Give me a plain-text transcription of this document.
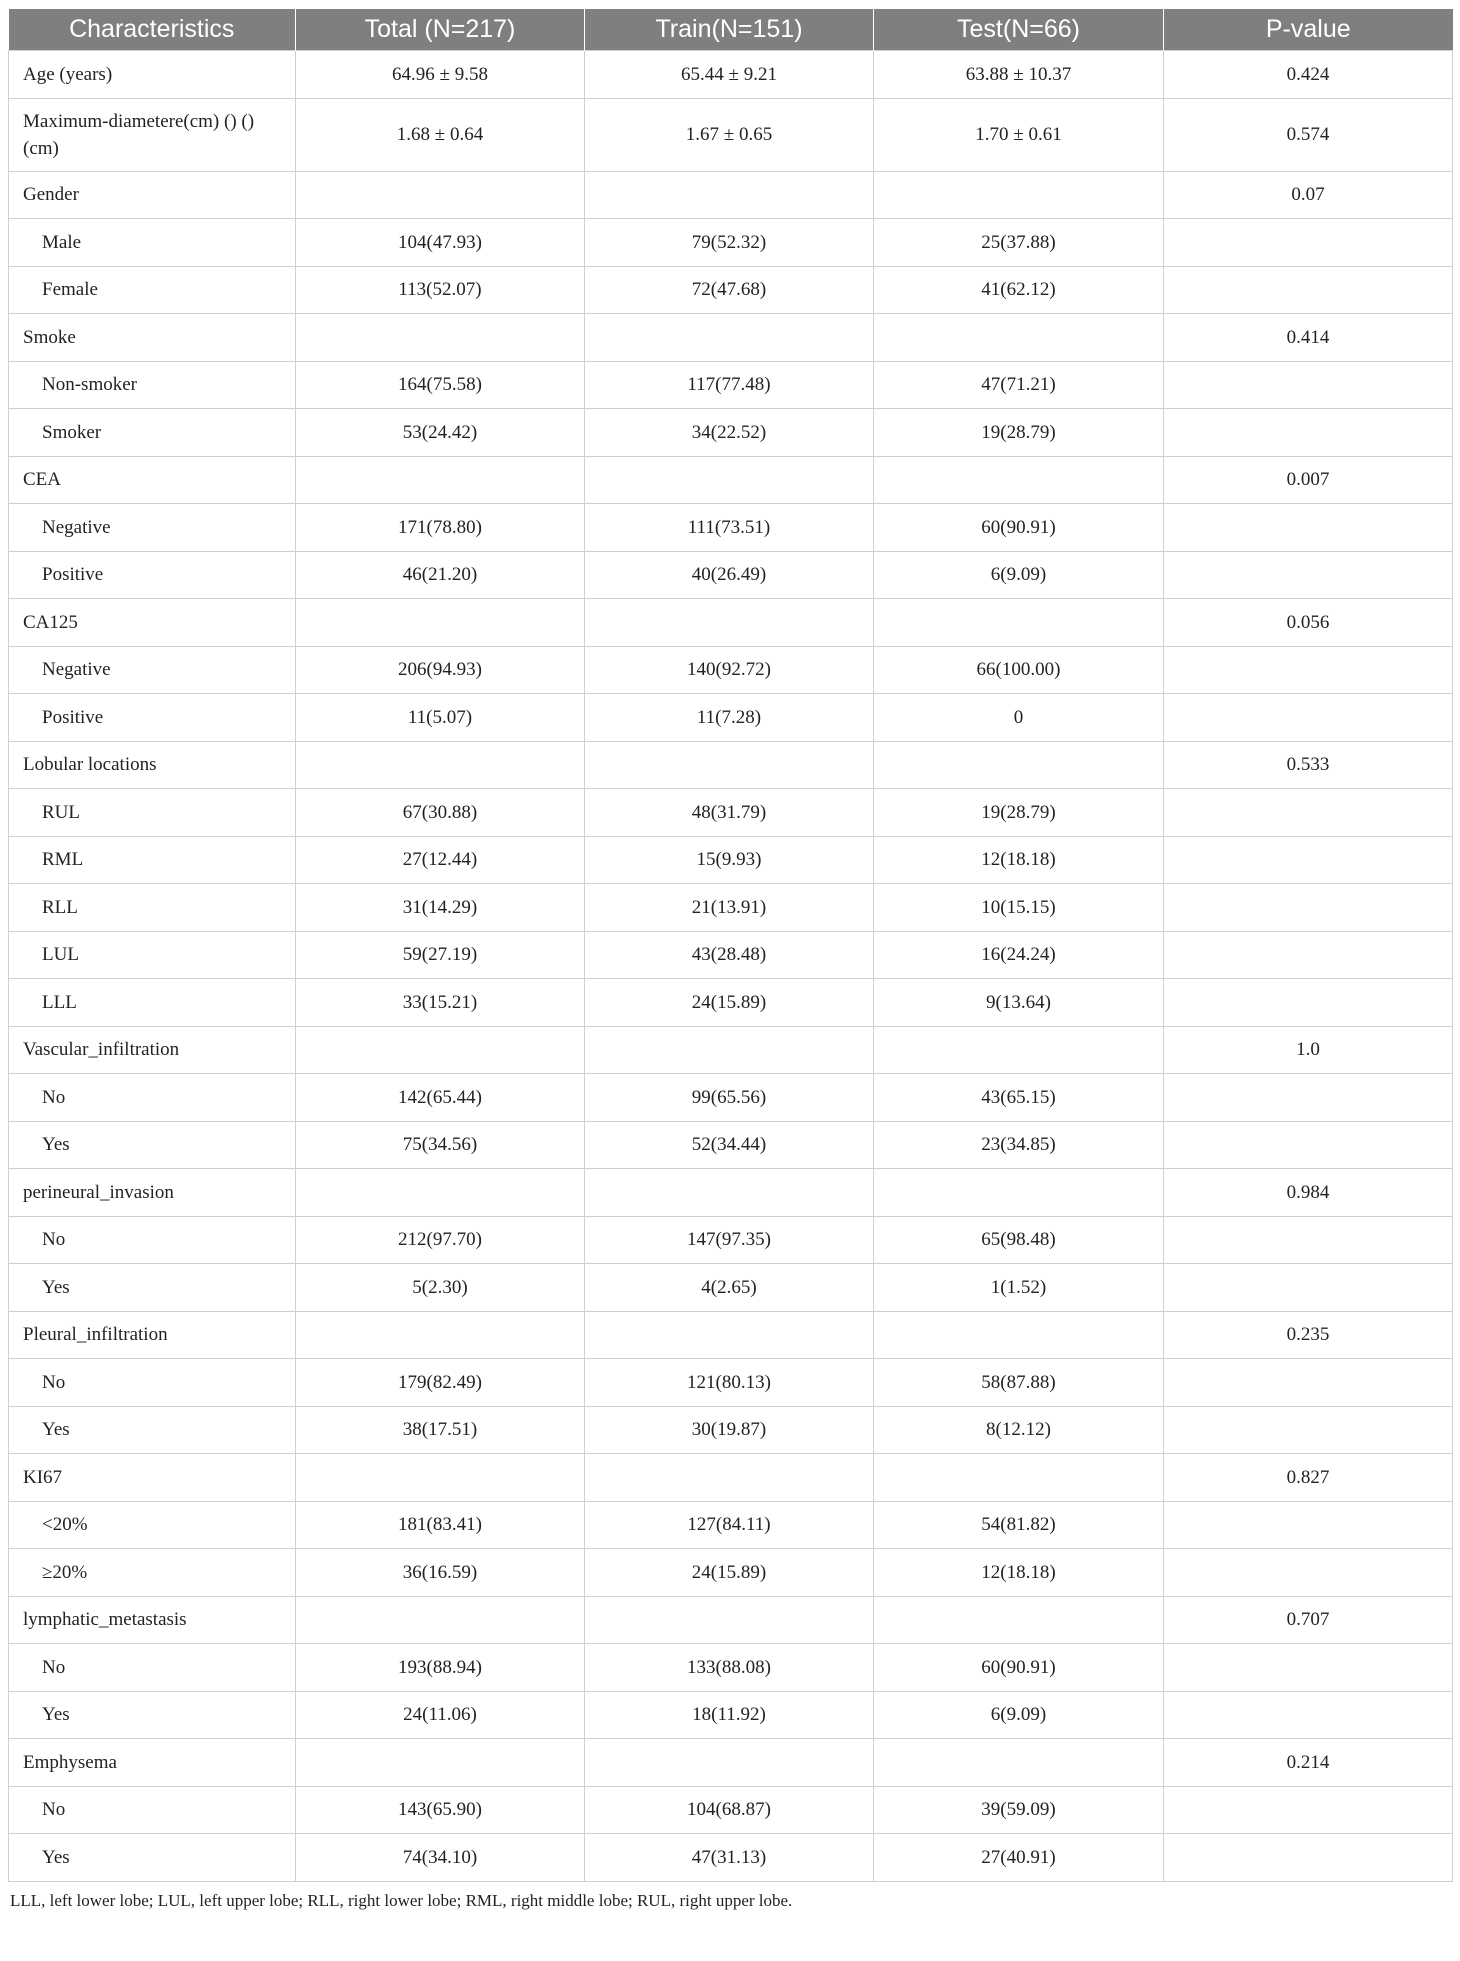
Characteristics	Total (N=217)	Train(N=151)	Test(N=66)	P-value
Age (years)	64.96 ± 9.58	65.44 ± 9.21	63.88 ± 10.37	0.424
Maximum-diametere(cm) () ()(cm)	1.68 ± 0.64	1.67 ± 0.65	1.70 ± 0.61	0.574
Gender				0.07
Male	104(47.93)	79(52.32)	25(37.88)	
Female	113(52.07)	72(47.68)	41(62.12)	
Smoke				0.414
Non-smoker	164(75.58)	117(77.48)	47(71.21)	
Smoker	53(24.42)	34(22.52)	19(28.79)	
CEA				0.007
Negative	171(78.80)	111(73.51)	60(90.91)	
Positive	46(21.20)	40(26.49)	6(9.09)	
CA125				0.056
Negative	206(94.93)	140(92.72)	66(100.00)	
Positive	11(5.07)	11(7.28)	0	
Lobular locations				0.533
RUL	67(30.88)	48(31.79)	19(28.79)	
RML	27(12.44)	15(9.93)	12(18.18)	
RLL	31(14.29)	21(13.91)	10(15.15)	
LUL	59(27.19)	43(28.48)	16(24.24)	
LLL	33(15.21)	24(15.89)	9(13.64)	
Vascular_infiltration				1.0
No	142(65.44)	99(65.56)	43(65.15)	
Yes	75(34.56)	52(34.44)	23(34.85)	
perineural_invasion				0.984
No	212(97.70)	147(97.35)	65(98.48)	
Yes	5(2.30)	4(2.65)	1(1.52)	
Pleural_infiltration				0.235
No	179(82.49)	121(80.13)	58(87.88)	
Yes	38(17.51)	30(19.87)	8(12.12)	
KI67				0.827
<20%	181(83.41)	127(84.11)	54(81.82)	
≥20%	36(16.59)	24(15.89)	12(18.18)	
lymphatic_metastasis				0.707
No	193(88.94)	133(88.08)	60(90.91)	
Yes	24(11.06)	18(11.92)	6(9.09)	
Emphysema				0.214
No	143(65.90)	104(68.87)	39(59.09)	
Yes	74(34.10)	47(31.13)	27(40.91)	
LLL, left lower lobe; LUL, left upper lobe; RLL, right lower lobe; RML, right middle lobe; RUL, right upper lobe.
